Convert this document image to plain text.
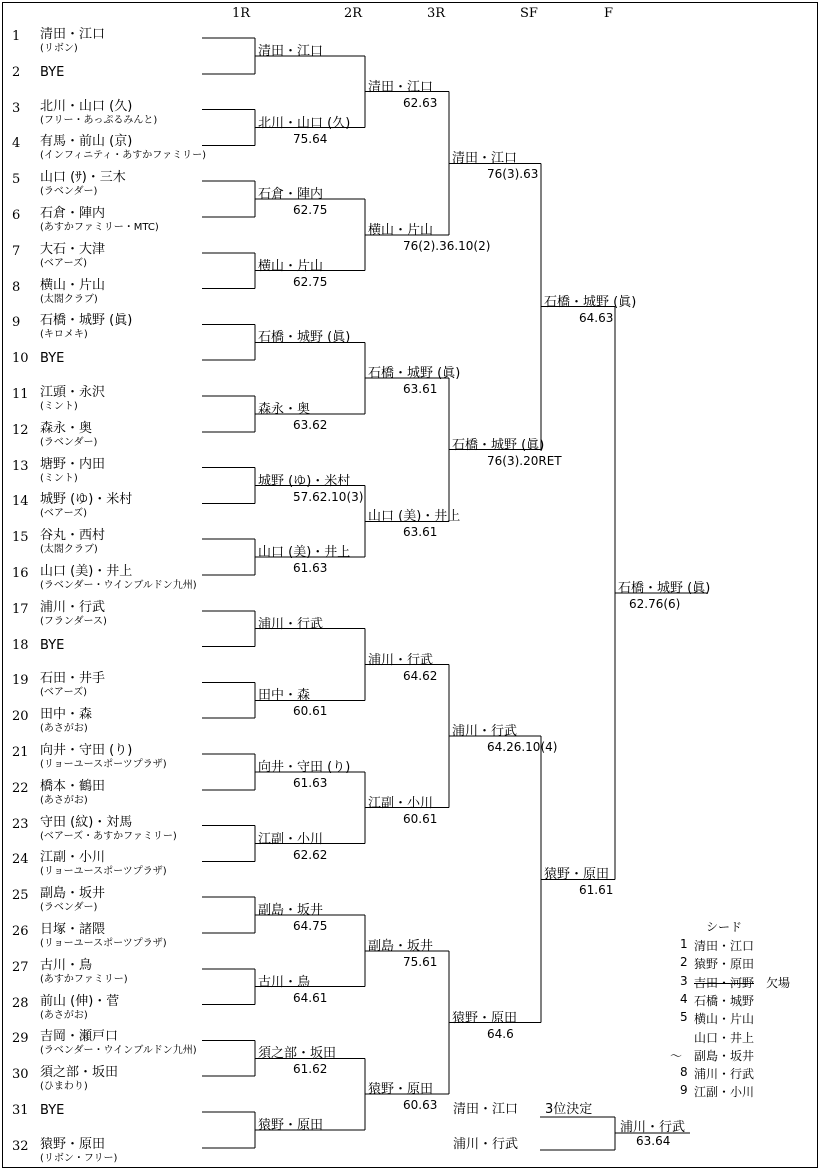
1R	2R	3R	SF	F
1 清田・江口
(リボン)
2 BYE
3 北川・山口 (久)
(フリー・あっぷるみんと)
4 有馬・前山 (京)
(インフィニティ・あすかファミリー)
5 山口 (ｻ)・三木
(ラベンダー)
6 石倉・陣内
(あすかファミリー・MTC)
7 大石・大津
(ベアーズ)
8 横山・片山
(太閤クラブ)
9 石橋・城野 (眞)
(キロメキ)
10 BYE
11 江頭・永沢
(ミント)
12 森永・奥
(ラベンダー)
13 塘野・内田
(ミント)
14 城野 (ゆ)・米村
(ベアーズ)
15 谷丸・西村
(太閤クラブ)
16 山口 (美)・井上
(ラベンダー・ウインブルドン九州)
17 浦川・行武
(フランダース)
18 BYE
19 石田・井手
(ベアーズ)
20 田中・森
(あさがお)
21 向井・守田 (り)
(リョーユースポーツプラザ)
22 橋本・鶴田
(あさがお)
23 守田 (紋)・対馬
(ベアーズ・あすかファミリー)
24 江副・小川
(リョーユースポーツプラザ)
25 副島・坂井
(ラベンダー)
26 日塚・諸隈
(リョーユースポーツプラザ)
27 古川・鳥
(あすかファミリー)
28 前山 (伸)・菅
(あさがお)
29 吉岡・瀬戸口
(ラベンダー・ウインブルドン九州)
30 須之部・坂田
(ひまわり)
31 BYE
32 猿野・原田
(リボン・フリー)
清田・江口
北川・山口 (久)
75.64
石倉・陣内
62.75
横山・片山
62.75
石橋・城野 (眞)
森永・奥
63.62
城野 (ゆ)・米村
57.62.10(3)
山口 (美)・井上
61.63
浦川・行武
田中・森
60.61
向井・守田 (り)
61.63
江副・小川
62.62
副島・坂井
64.75
古川・鳥
64.61
須之部・坂田
61.62
猿野・原田
清田・江口
62.63
横山・片山
76(2).36.10(2)
石橋・城野 (眞)
63.61
山口 (美)・井上
63.61
浦川・行武
64.62
江副・小川
60.61
副島・坂井
75.61
猿野・原田
60.63
清田・江口
76(3).63
石橋・城野 (眞)
76(3).20RET
浦川・行武
64.26.10(4)
猿野・原田
64.6
石橋・城野 (眞)
64.63
猿野・原田
61.61
石橋・城野 (眞)
62.76(6)
清田・江口
浦川・行武
3位決定
浦川・行武
63.64
シード
1 清田・江口
2 猿野・原田
3 吉田・河野 欠場
4 石橋・城野
5 横山・片山
山口・井上
～ 副島・坂井
8 浦川・行武
9 江副・小川
